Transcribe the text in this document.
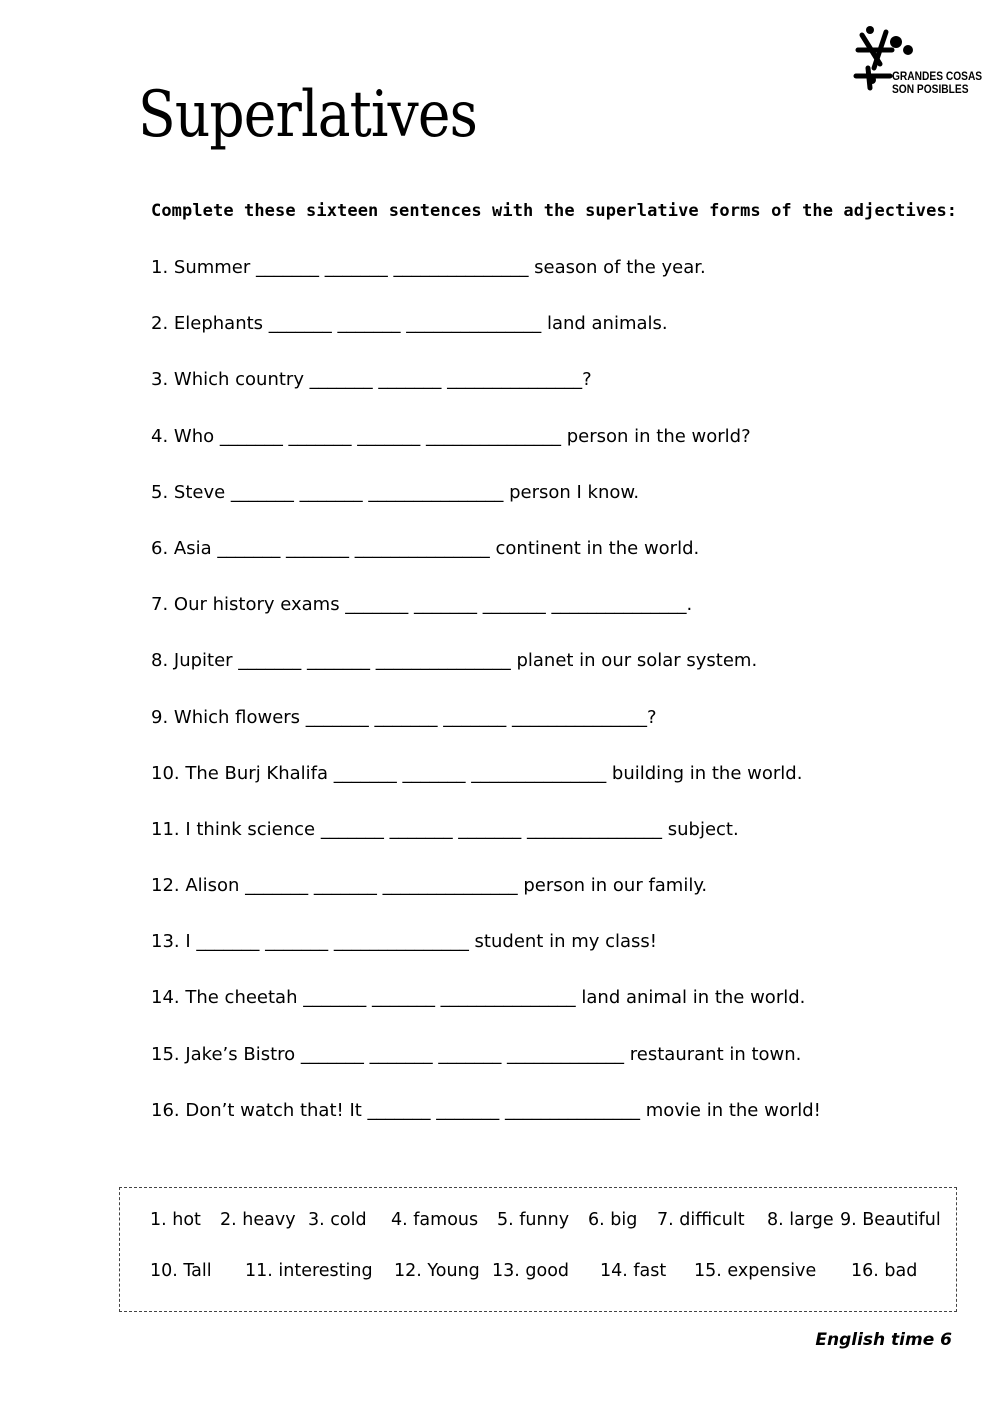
Superlatives
GRANDES COSAS
SON POSIBLES
Complete these sixteen sentences with the superlative forms of the adjectives:
1. Summer _______ _______ _______________ season of the year.
2. Elephants _______ _______ _______________ land animals.
3. Which country _______ _______ _______________?
4. Who _______ _______ _______ _______________ person in the world?
5. Steve _______ _______ _______________ person I know.
6. Asia _______ _______ _______________ continent in the world.
7. Our history exams _______ _______ _______ _______________.
8. Jupiter _______ _______ _______________ planet in our solar system.
9. Which flowers _______ _______ _______ _______________?
10. The Burj Khalifa _______ _______ _______________ building in the world.
11. I think science _______ _______ _______ _______________ subject.
12. Alison _______ _______ _______________ person in our family.
13. I _______ _______ _______________ student in my class!
14. The cheetah _______ _______ _______________ land animal in the world.
15. Jake’s Bistro _______ _______ _______ _____________ restaurant in town.
16. Don’t watch that! It _______ _______ _______________ movie in the world!
1. hot 2. heavy 3. cold 4. famous 5. funny 6. big 7. difficult 8. large 9. Beautiful
10. Tall 11. interesting 12. Young 13. good 14. fast 15. expensive 16. bad
English time 6
